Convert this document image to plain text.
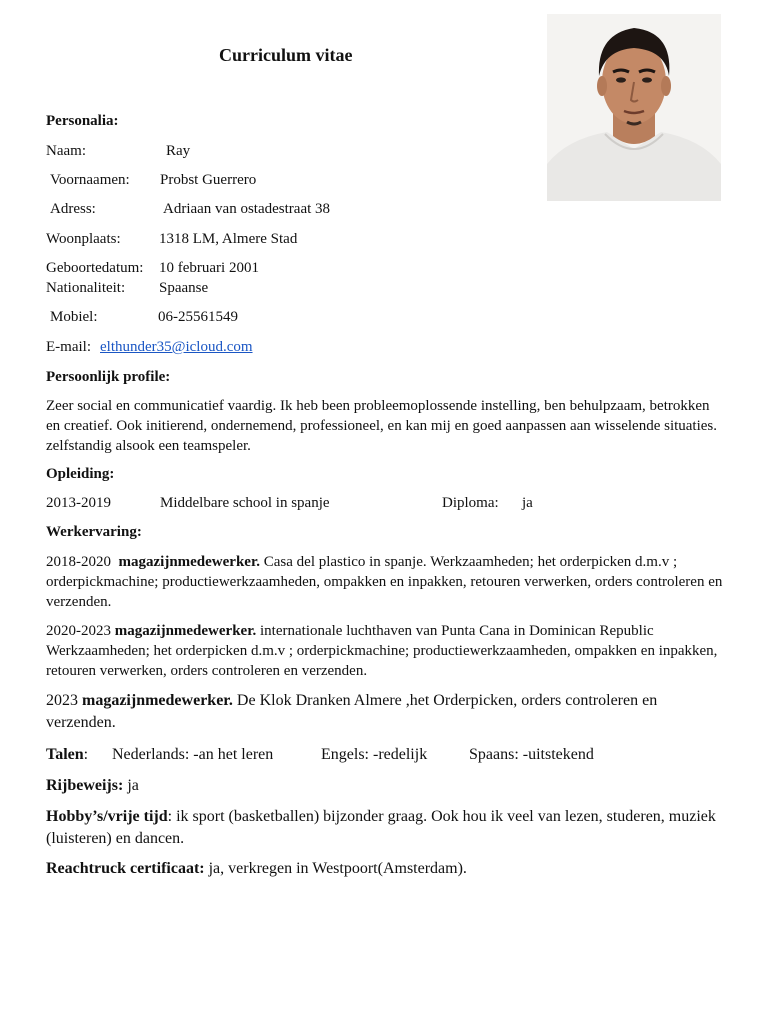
Curriculum vitae
Personalia:
Naam:	Ray
Voornaamen: Probst Guerrero
Adress:	Adriaan van ostadestraat 38
Woonplaats:	1318 LM, Almere Stad
Geboortedatum: 10 februari 2001
Nationaliteit: Spaanse
Mobiel:	06-25561549
E-mail: elthunder35@icloud.com
Persoonlijk profile:
Zeer social en communicatief vaardig. Ik heb been probleemoplossende instelling, ben behulpzaam, betrokken en creatief. Ook initierend, ondernemend, professioneel, en kan mij en goed aanpassen aan wisselende situaties. zelfstandig alsook een teamspeler.
Opleiding:
2013-2019	Middelbare school in spanje	Diploma: ja
Werkervaring:
2018-2020 magazijnmedewerker. Casa del plastico in spanje. Werkzaamheden; het orderpicken d.m.v ; orderpickmachine; productiewerkzaamheden, ompakken en inpakken, retouren verwerken, orders controleren en verzenden.
2020-2023 magazijnmedewerker. internationale luchthaven van Punta Cana in Dominican Republic Werkzaamheden; het orderpicken d.m.v ; orderpickmachine; productiewerkzaamheden, ompakken en inpakken, retouren verwerken, orders controleren en verzenden.
2023 magazijnmedewerker. De Klok Dranken Almere ,het Orderpicken, orders controleren en verzenden.
Talen: Nederlands: -an het leren	Engels: -redelijk	Spaans: -uitstekend
Rijbeweijs: ja
Hobby’s/vrije tijd: ik sport (basketballen) bijzonder graag. Ook hou ik veel van lezen, studeren, muziek (luisteren) en dancen.
Reachtruck certificaat: ja, verkregen in Westpoort(Amsterdam).
